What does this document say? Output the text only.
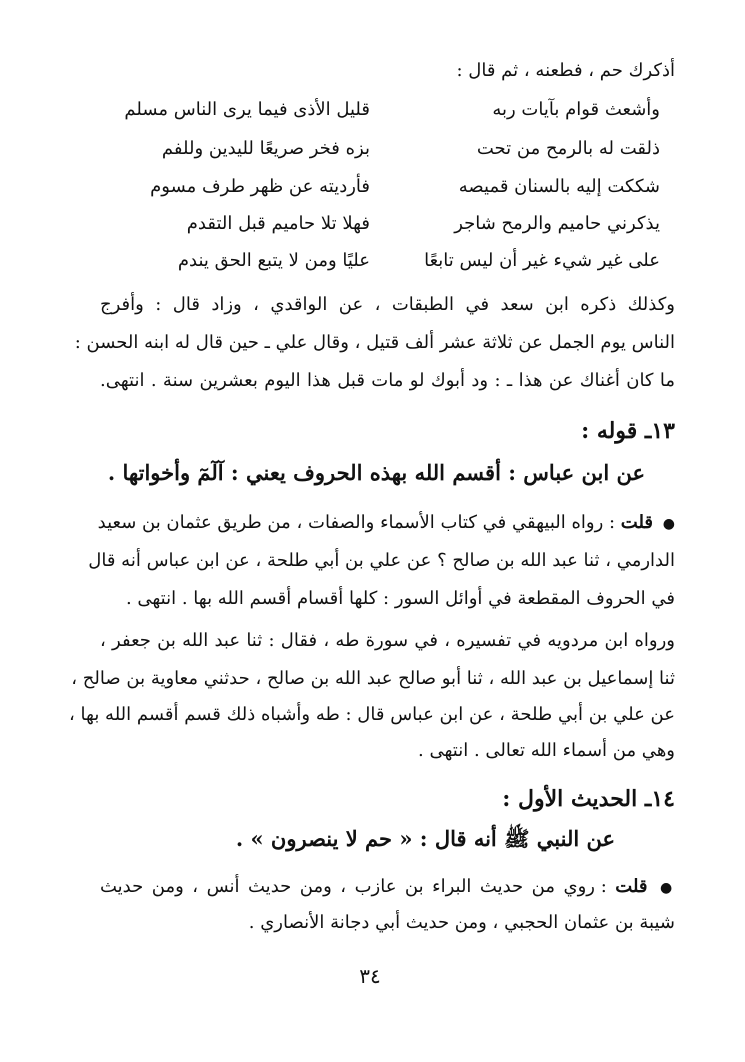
أذكرك حم ، فطعنه ، ثم قال :
وأشعث قوام بآيات ربه
قليل الأذى فيما يرى الناس مسلم
ذلقت له بالرمح من تحت
بزه فخر صريعًا لليدين وللفم
شككت إليه بالسنان قميصه
فأرديته عن ظهر طرف مسوم
يذكرني حاميم والرمح شاجر
فهلا تلا حاميم قبل التقدم
على غير شيء غير أن ليس تابعًا
عليًا ومن لا يتبع الحق يندم
وكذلك ذكره ابن سعد في الطبقات ، عن الواقدي ، وزاد قال : وأفرج
الناس يوم الجمل عن ثلاثة عشر ألف قتيل ، وقال علي ـ حين قال له ابنه الحسن :
ما كان أغناك عن هذا ـ : ود أبوك لو مات قبل هذا اليوم بعشرين سنة . انتهى.
١٣ـ قوله :
عن ابن عباس : أقسم الله بهذه الحروف يعني : آلٓمٓ وأخواتها .
● قلت : رواه البيهقي في كتاب الأسماء والصفات ، من طريق عثمان بن سعيد
الدارمي ، ثنا عبد الله بن صالح ؟ عن علي بن أبي طلحة ، عن ابن عباس أنه قال
في الحروف المقطعة في أوائل السور : كلها أقسام أقسم الله بها . انتهى .
ورواه ابن مردويه في تفسيره ، في سورة طه ، فقال : ثنا عبد الله بن جعفر ،
ثنا إسماعيل بن عبد الله ، ثنا أبو صالح عبد الله بن صالح ، حدثني معاوية بن صالح ،
عن علي بن أبي طلحة ، عن ابن عباس قال : طه وأشباه ذلك قسم أقسم الله بها ،
وهي من أسماء الله تعالى . انتهى .
١٤ـ الحديث الأول :
عن النبي ﷺ أنه قال : « حم لا ينصرون » .
● قلت : روي من حديث البراء بن عازب ، ومن حديث أنس ، ومن حديث
شيبة بن عثمان الحجبي ، ومن حديث أبي دجانة الأنصاري .
٣٤
